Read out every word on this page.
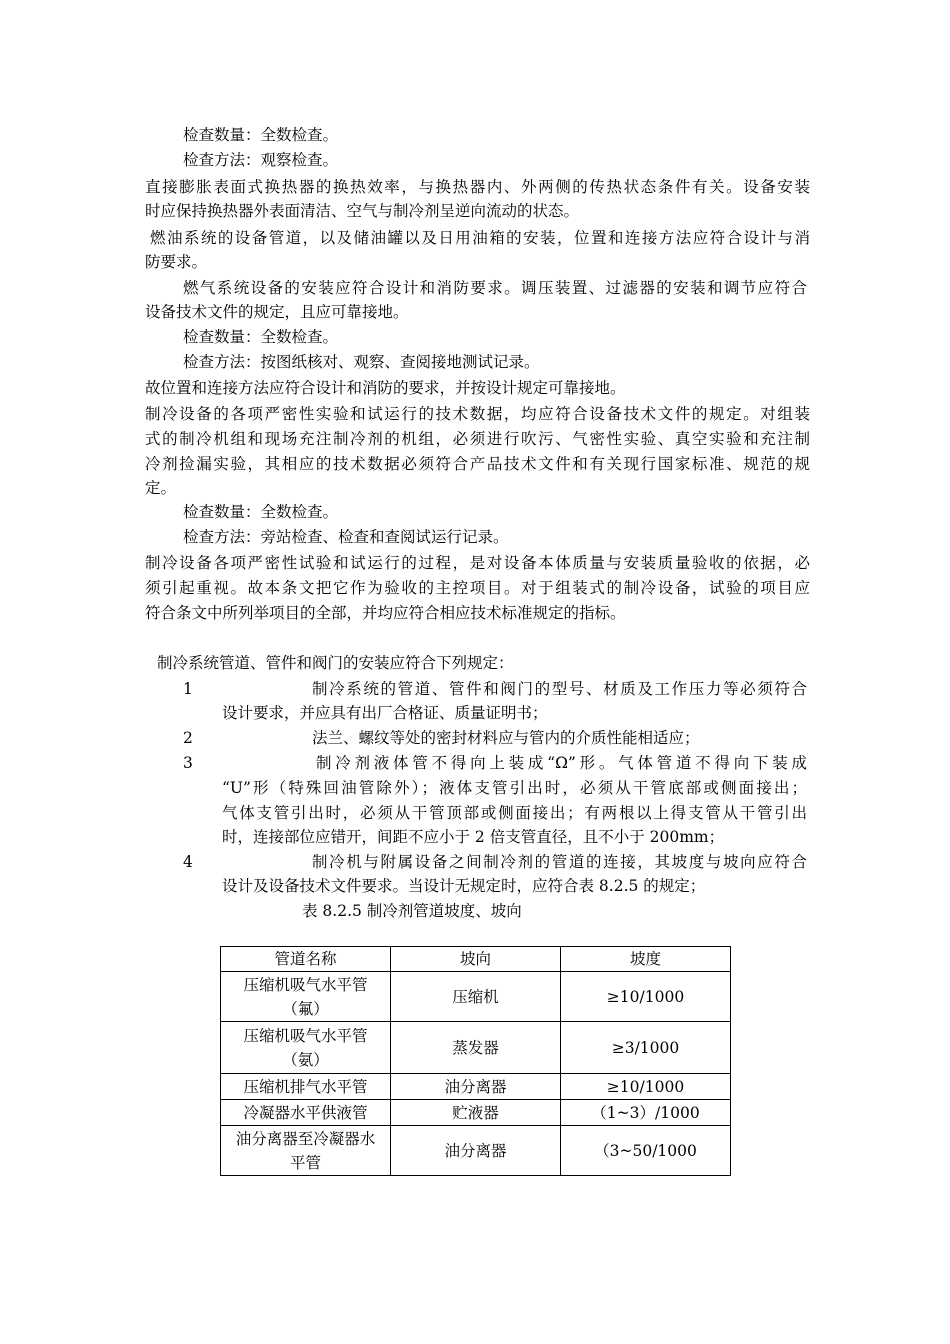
检查数量：全数检查。
检查方法：观察检查。
直接膨胀表面式换热器的换热效率，与换热器内、外两侧的传热状态条件有关。设备安装
时应保持换热器外表面清洁、空气与制冷剂呈逆向流动的状态。
燃油系统的设备管道，以及储油罐以及日用油箱的安装，位置和连接方法应符合设计与消
防要求。
燃气系统设备的安装应符合设计和消防要求。调压装置、过滤器的安装和调节应符合
设备技术文件的规定，且应可靠接地。
检查数量：全数检查。
检查方法：按图纸核对、观察、查阅接地测试记录。
故位置和连接方法应符合设计和消防的要求，并按设计规定可靠接地。
制冷设备的各项严密性实验和试运行的技术数据，均应符合设备技术文件的规定。对组装
式的制冷机组和现场充注制冷剂的机组，必须进行吹污、气密性实验、真空实验和充注制
冷剂捡漏实验，其相应的技术数据必须符合产品技术文件和有关现行国家标准、规范的规
定。
检查数量：全数检查。
检查方法：旁站检查、检查和查阅试运行记录。
制冷设备各项严密性试验和试运行的过程，是对设备本体质量与安装质量验收的依据，必
须引起重视。故本条文把它作为验收的主控项目。对于组装式的制冷设备，试验的项目应
符合条文中所列举项目的全部，并均应符合相应技术标准规定的指标。
制冷系统管道、管件和阀门的安装应符合下列规定：
1	制冷系统的管道、管件和阀门的型号、材质及工作压力等必须符合
设计要求，并应具有出厂合格证、质量证明书；
2	法兰、螺纹等处的密封材料应与管内的介质性能相适应；
3	制冷剂液体管不得向上装成“Ω”形。气体管道不得向下装成
“U”形（特殊回油管除外）；液体支管引出时，必须从干管底部或侧面接出；
气体支管引出时，必须从干管顶部或侧面接出；有两根以上得支管从干管引出
时，连接部位应错开，间距不应小于 2 倍支管直径，且不小于 200mm；
4	制冷机与附属设备之间制冷剂的管道的连接，其坡度与坡向应符合
设计及设备技术文件要求。当设计无规定时，应符合表 8.2.5 的规定；
表 8.2.5 制冷剂管道坡度、坡向
管道名称	坡向	坡度
压缩机吸气水平管
（氟）	压缩机	≥10/1000
压缩机吸气水平管
（氨）	蒸发器	≥3/1000
压缩机排气水平管	油分离器	≥10/1000
冷凝器水平供液管	贮液器	（1~3）/1000
油分离器至冷凝器水
平管	油分离器	（3~50/1000
